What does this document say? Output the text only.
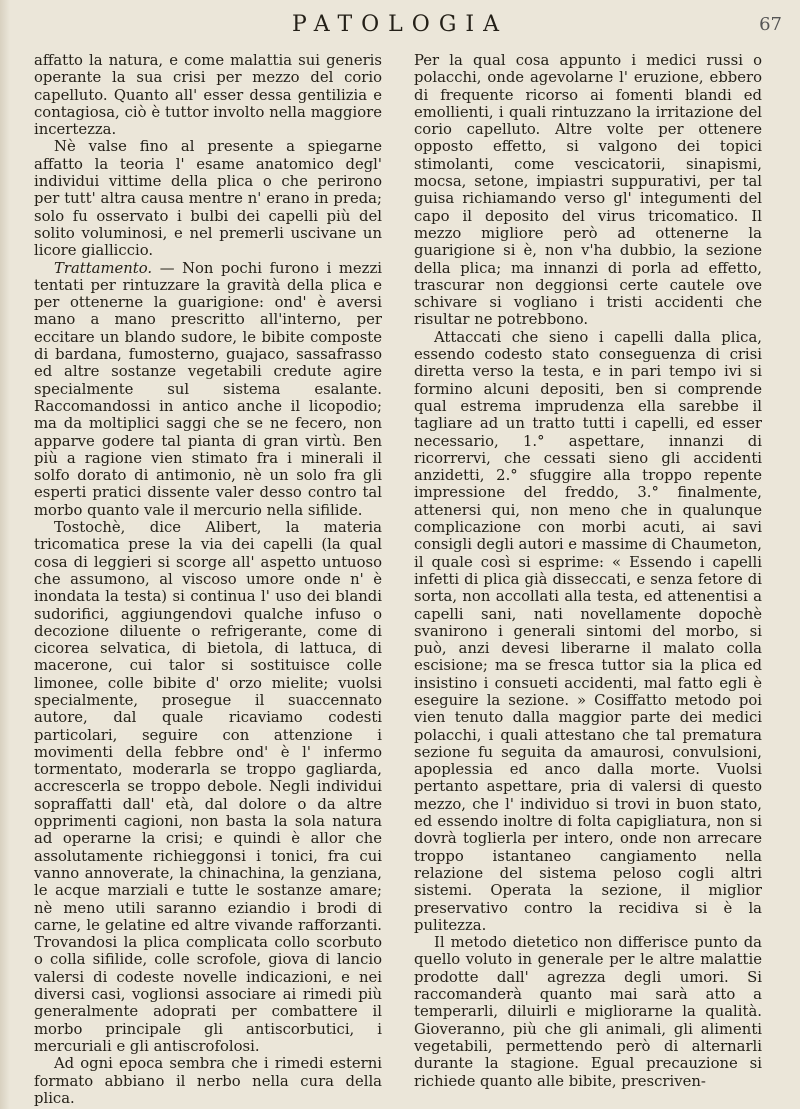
PATOLOGIA	67

affatto la natura, e come malattia sui generis operante la sua crisi per mezzo del corio capelluto. Quanto all' esser dessa gentilizia e contagiosa, ciò è tuttor involto nella maggiore incertezza.

Nè valse fino al presente a spiegarne affatto la teoria l' esame anatomico degl' individui vittime della plica o che perirono per tutt' altra causa mentre n' erano in preda; solo fu osservato i bulbi dei capelli più del solito voluminosi, e nel premerli uscivane un licore gialliccio.

Trattamento. — Non pochi furono i mezzi tentati per rintuzzare la gravità della plica e per ottenerne la guarigione: ond' è aversi mano a mano prescritto all'interno, per eccitare un blando sudore, le bibite composte di bardana, fumosterno, guajaco, sassafrasso ed altre sostanze vegetabili credute agire specialmente sul sistema esalante. Raccomandossi in antico anche il licopodio; ma da moltiplici saggi che se ne fecero, non apparve godere tal pianta di gran virtù. Ben più a ragione vien stimato fra i minerali il solfo dorato di antimonio, nè un solo fra gli esperti pratici dissente valer desso contro tal morbo quanto vale il mercurio nella sifilide.

Tostochè, dice Alibert, la materia tricomatica prese la via dei capelli (la qual cosa di leggieri si scorge all' aspetto untuoso che assumono, al viscoso umore onde n' è inondata la testa) si continua l' uso dei blandi sudorifici, aggiungendovi qualche infuso o decozione diluente o refrigerante, come di cicorea selvatica, di bietola, di lattuca, di macerone, cui talor si sostituisce colle limonee, colle bibite d' orzo mielite; vuolsi specialmente, prosegue il suaccennato autore, dal quale ricaviamo codesti particolari, seguire con attenzione i movimenti della febbre ond' è l' infermo tormentato, moderarla se troppo gagliarda, accrescerla se troppo debole. Negli individui sopraffatti dall' età, dal dolore o da altre opprimenti cagioni, non basta la sola natura ad operarne la crisi; e quindi è allor che assolutamente richieggonsi i tonici, fra cui vanno annoverate, la chinachina, la genziana, le acque marziali e tutte le sostanze amare; nè meno utili saranno eziandio i brodi di carne, le gelatine ed altre vivande rafforzanti. Trovandosi la plica complicata collo scorbuto o colla sifilide, colle scrofole, giova di lancio valersi di codeste novelle indicazioni, e nei diversi casi, voglionsi associare ai rimedi più generalmente adoprati per combattere il morbo principale gli antiscorbutici, i mercuriali e gli antiscrofolosi.

Ad ogni epoca sembra che i rimedi esterni formato abbiano il nerbo nella cura della plica.

Per la qual cosa appunto i medici russi o polacchi, onde agevolarne l' eruzione, ebbero di frequente ricorso ai fomenti blandi ed emollienti, i quali rintuzzano la irritazione del corio capelluto. Altre volte per ottenere opposto effetto, si valgono dei topici stimolanti, come vescicatorii, sinapismi, mocsa, setone, impiastri suppurativi, per tal guisa richiamando verso gl' integumenti del capo il deposito del virus tricomatico. Il mezzo migliore però ad ottenerne la guarigione si è, non v'ha dubbio, la sezione della plica; ma innanzi di porla ad effetto, trascurar non deggionsi certe cautele ove schivare si vogliano i tristi accidenti che risultar ne potrebbono.

Attaccati che sieno i capelli dalla plica, essendo codesto stato conseguenza di crisi diretta verso la testa, e in pari tempo ivi si formino alcuni depositi, ben si comprende qual estrema imprudenza ella sarebbe il tagliare ad un tratto tutti i capelli, ed esser necessario, 1.° aspettare, innanzi di ricorrervi, che cessati sieno gli accidenti anzidetti, 2.° sfuggire alla troppo repente impressione del freddo, 3.° finalmente, attenersi qui, non meno che in qualunque complicazione con morbi acuti, ai savi consigli degli autori e massime di Chaumeton, il quale così si esprime: « Essendo i capelli infetti di plica già disseccati, e senza fetore di sorta, non accollati alla testa, ed attenentisi a capelli sani, nati novellamente dopochè svanirono i generali sintomi del morbo, si può, anzi devesi liberarne il malato colla escisione; ma se fresca tuttor sia la plica ed insistino i consueti accidenti, mal fatto egli è eseguire la sezione. » Cosiffatto metodo poi vien tenuto dalla maggior parte dei medici polacchi, i quali attestano che tal prematura sezione fu seguita da amaurosi, convulsioni, apoplessia ed anco dalla morte. Vuolsi pertanto aspettare, pria di valersi di questo mezzo, che l' individuo si trovi in buon stato, ed essendo inoltre di folta capigliatura, non si dovrà toglierla per intero, onde non arrecare troppo istantaneo cangiamento nella relazione del sistema peloso cogli altri sistemi. Operata la sezione, il miglior preservativo contro la recidiva si è la pulitezza.

Il metodo dietetico non differisce punto da quello voluto in generale per le altre malattie prodotte dall' agrezza degli umori. Si raccomanderà quanto mai sarà atto a temperarli, diluirli e migliorarne la qualità. Gioveranno, più che gli animali, gli alimenti vegetabili, permettendo però di alternarli durante la stagione. Egual precauzione si richiede quanto alle bibite, prescriven-
